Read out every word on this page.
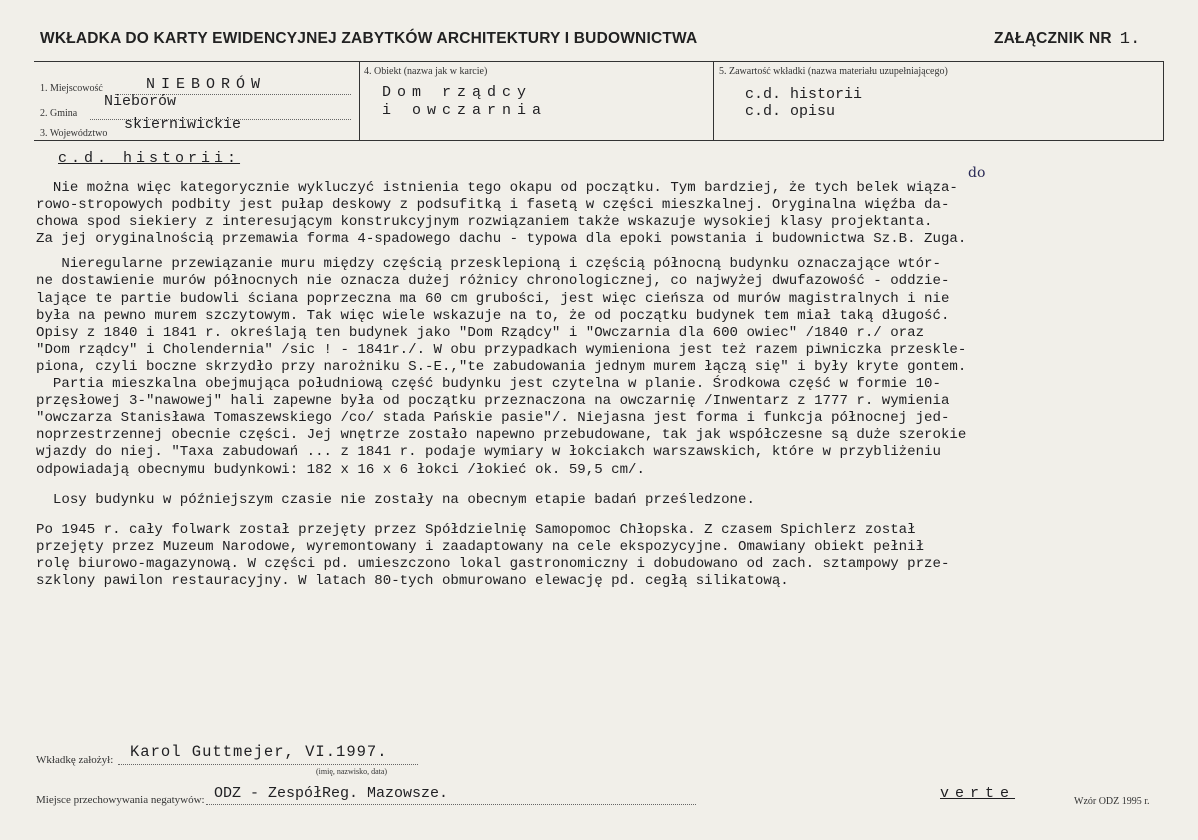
WKŁADKA DO KARTY EWIDENCYJNEJ ZABYTKÓW ARCHITEKTURY I BUDOWNICTWA	ZAŁĄCZNIK NR 1.
1. Miejscowość	NIEBORÓW
2. Gmina
Nieborów
3. Województwo
skierniwickie
4. Obiekt (nazwa jak w karcie)
Dom rządcy
i owczarnia
5. Zawartość wkładki (nazwa materiału uzupełniającego)
c.d. historii
c.d. opisu
c.d. historii:
do

Nie można więc kategorycznie wykluczyć istnienia tego okapu od początku. Tym bardziej, że tych belek wiąza-
rowo-stropowych podbity jest pułap deskowy z podsufitką i fasetą w części mieszkalnej. Oryginalna więźba da-
chowa spod siekiery z interesującym konstrukcyjnym rozwiązaniem także wskazuje wysokiej klasy projektanta.
Za jej oryginalnością przemawia forma 4-spadowego dachu - typowa dla epoki powstania i budownictwa Sz.B. Zuga.

Nieregularne przewiązanie muru między częścią przesklepioną i częścią północną budynku oznaczające wtór-
ne dostawienie murów północnych nie oznacza dużej różnicy chronologicznej, co najwyżej dwufazowość - oddzie-
lające te partie budowli ściana poprzeczna ma 60 cm grubości, jest więc cieńsza od murów magistralnych i nie
była na pewno murem szczytowym. Tak więc wiele wskazuje na to, że od początku budynek tem miał taką długość.
Opisy z 1840 i 1841 r. określają ten budynek jako "Dom Rządcy" i "Owczarnia dla 600 owiec" /1840 r./ oraz
"Dom rządcy" i Cholendernia" /sic ! - 1841r./. W obu przypadkach wymieniona jest też razem piwniczka przeskle-
piona, czyli boczne skrzydło przy narożniku S.-E.,"te zabudowania jednym murem łączą się" i były kryte gontem.
Partia mieszkalna obejmująca południową część budynku jest czytelna w planie. Środkowa część w formie 10-
przęsłowej 3-"nawowej" hali zapewne była od początku przeznaczona na owczarnię /Inwentarz z 1777 r. wymienia
"owczarza Stanisława Tomaszewskiego /co/ stada Pańskie pasie"/. Niejasna jest forma i funkcja północnej jed-
noprzestrzennej obecnie części. Jej wnętrze zostało napewno przebudowane, tak jak współczesne są duże szerokie
wjazdy do niej. "Taxa zabudowań ... z 1841 r. podaje wymiary w łokciakch warszawskich, które w przybliżeniu
odpowiadają obecnymu budynkowi: 182 x 16 x 6 łokci /łokieć ok. 59,5 cm/.

Losy budynku w późniejszym czasie nie zostały na obecnym etapie badań prześledzone.

Po 1945 r. cały folwark został przejęty przez Spółdzielnię Samopomoc Chłopska. Z czasem Spichlerz został
przejęty przez Muzeum Narodowe, wyremontowany i zaadaptowany na cele ekspozycyjne. Omawiany obiekt pełnił
rolę biurowo-magazynową. W części pd. umieszczono lokal gastronomiczny i dobudowano od zach. sztampowy prze-
szklony pawilon restauracyjny. W latach 80-tych obmurowano elewację pd. cegłą silikatową.

Wkładkę założył: Karol Guttmejer, VI.1997.
(imię, nazwisko, data)
Miejsce przechowywania negatywów: ODZ - ZespółReg. Mazowsze.	verte	Wzór ODZ 1995 r.
